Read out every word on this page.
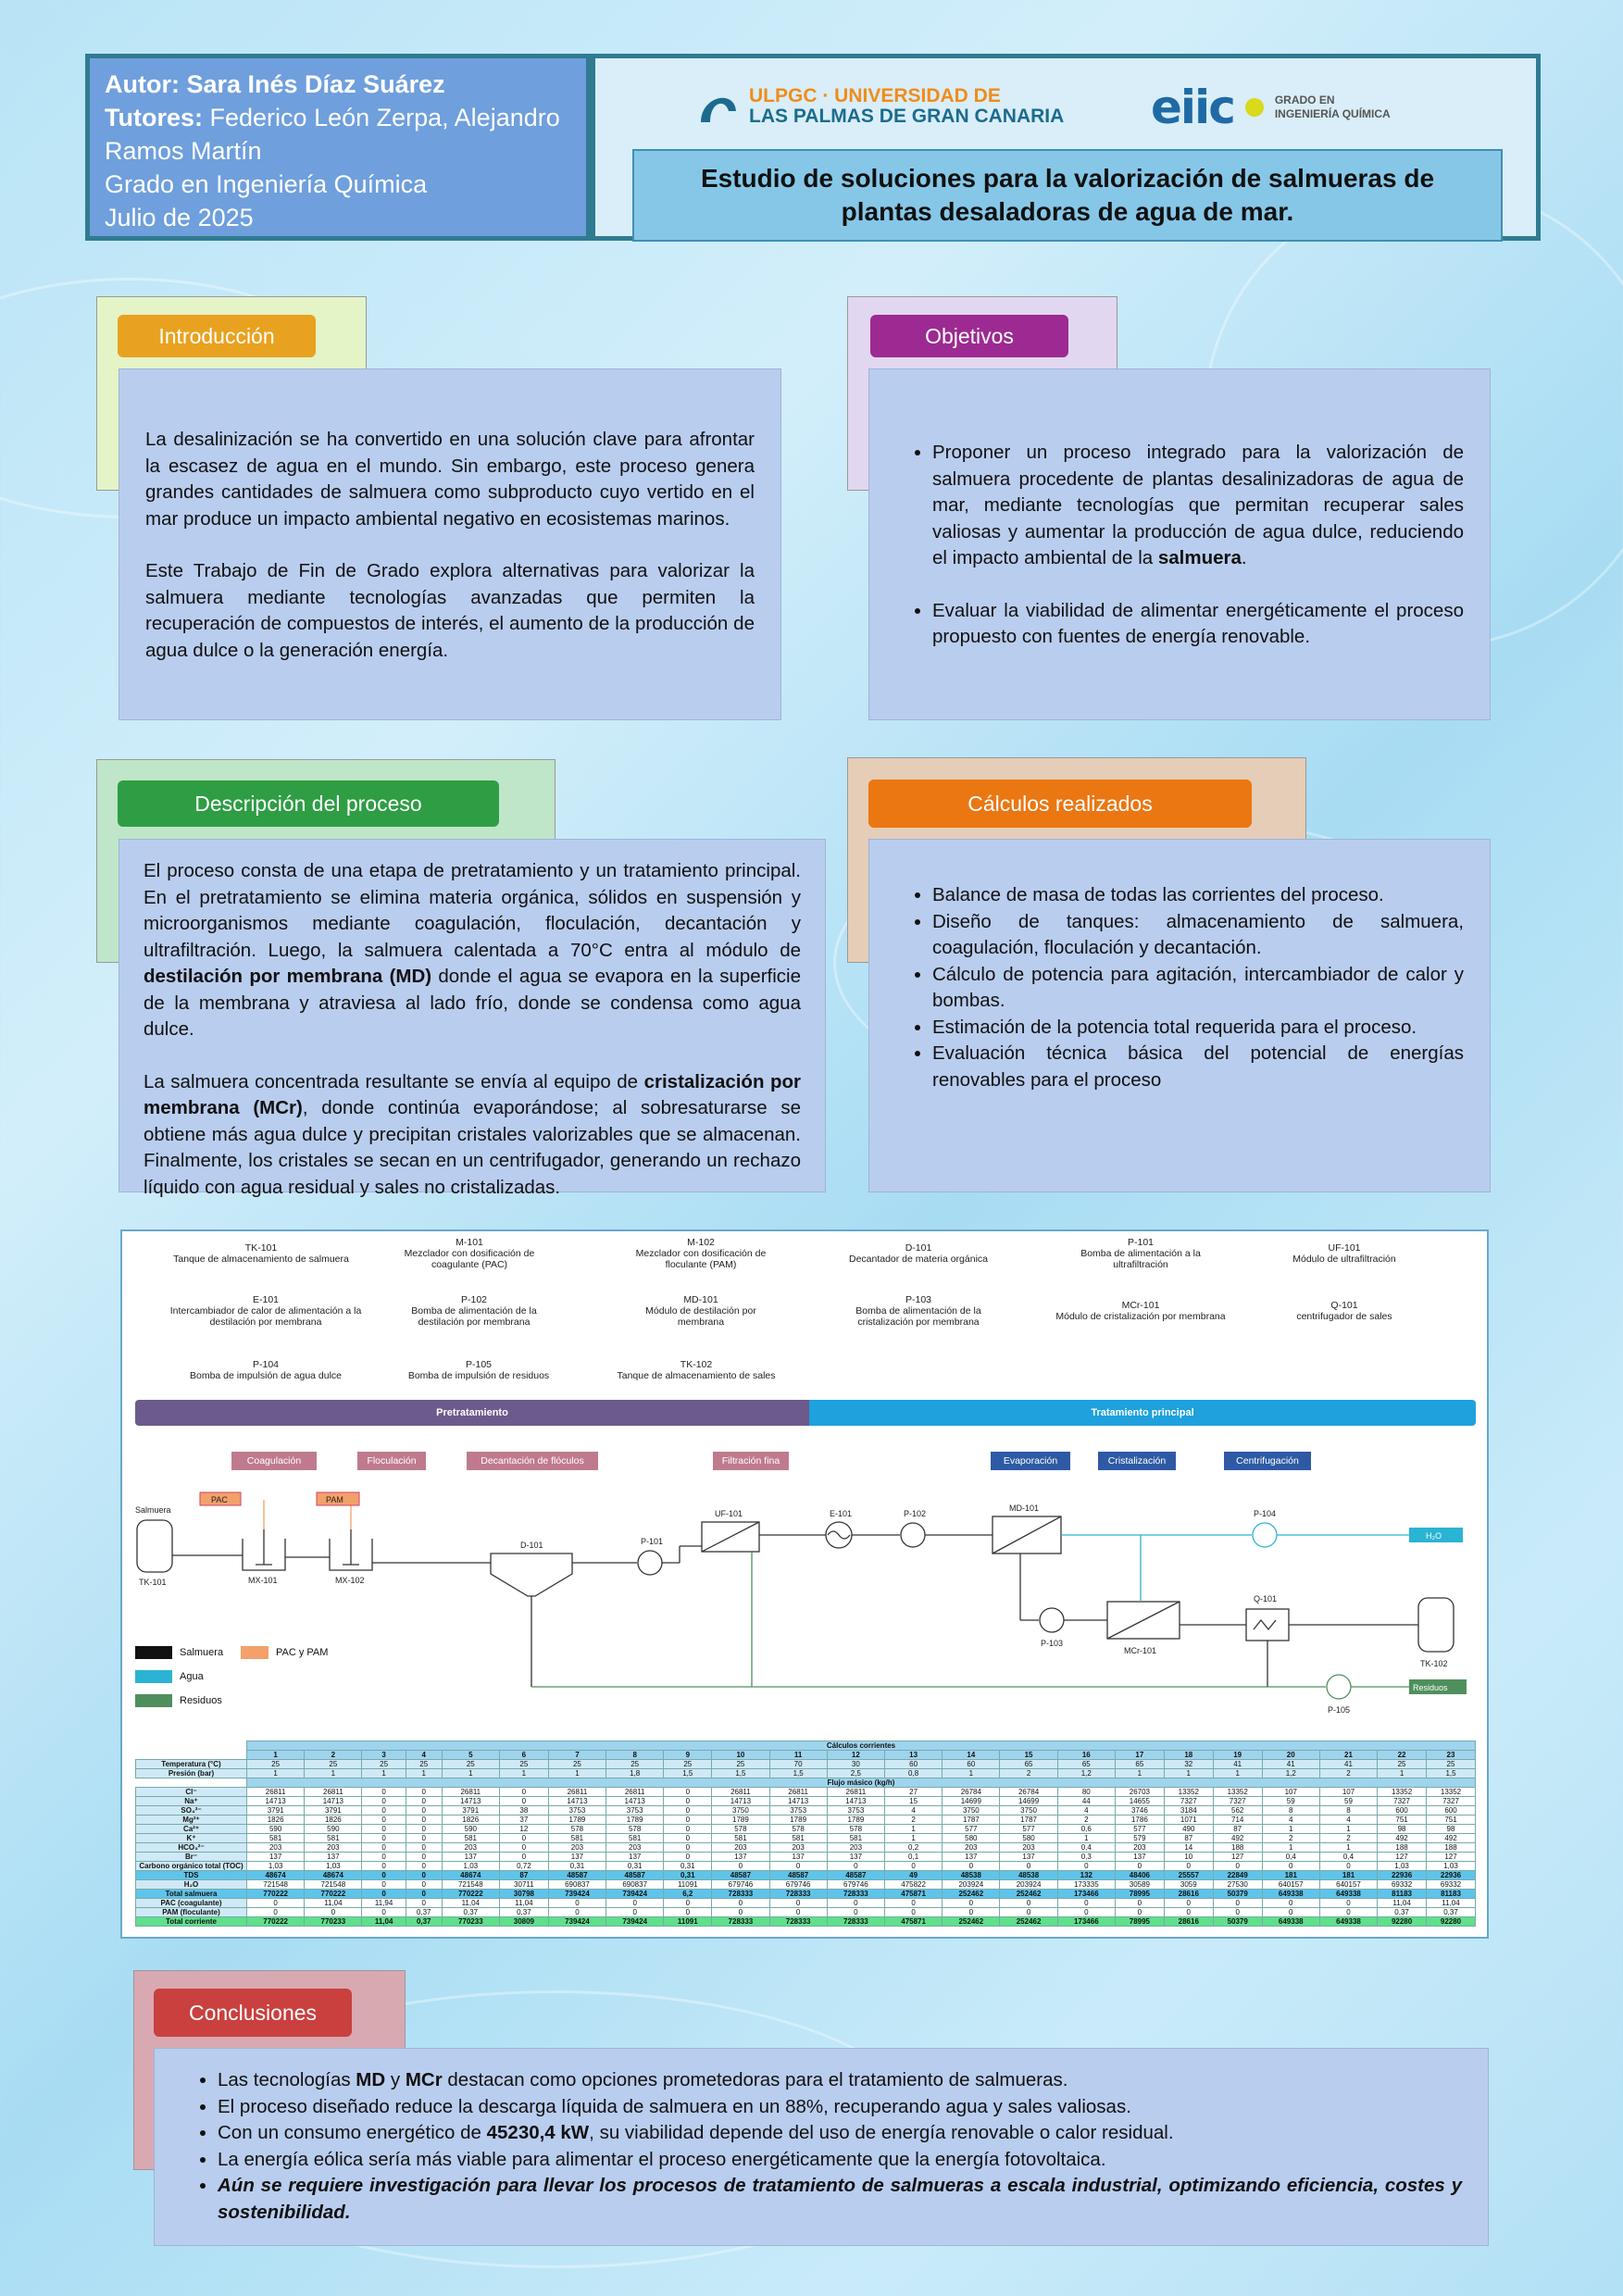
Autor: Sara Inés Díaz Suárez
Tutores: Federico León Zerpa, Alejandro Ramos Martín
Grado en Ingeniería Química
Julio de 2025
ULPGC · UNIVERSIDAD DE
LAS PALMAS DE GRAN CANARIA eiic	GRADO EN
INGENIERÍA QUÍMICA
Estudio de soluciones para la valorización de salmueras de plantas desaladoras de agua de mar.
Introducción

La desalinización se ha convertido en una solución clave para afrontar la escasez de agua en el mundo. Sin embargo, este proceso genera grandes cantidades de salmuera como subproducto cuyo vertido en el mar produce un impacto ambiental negativo en ecosistemas marinos.

Este Trabajo de Fin de Grado explora alternativas para valorizar la salmuera mediante tecnologías avanzadas que permiten la recuperación de compuestos de interés, el aumento de la producción de agua dulce o la generación energía.

Objetivos
• Proponer un proceso integrado para la valorización de salmuera procedente de plantas desalinizadoras de agua de mar, mediante tecnologías que permitan recuperar sales valiosas y aumentar la producción de agua dulce, reduciendo el impacto ambiental de la salmuera.
• Evaluar la viabilidad de alimentar energéticamente el proceso propuesto con fuentes de energía renovable.
Descripción del proceso

El proceso consta de una etapa de pretratamiento y un tratamiento principal. En el pretratamiento se elimina materia orgánica, sólidos en suspensión y microorganismos mediante coagulación, floculación, decantación y ultrafiltración. Luego, la salmuera calentada a 70°C entra al módulo de destilación por membrana (MD) donde el agua se evapora en la superficie de la membrana y atraviesa al lado frío, donde se condensa como agua dulce.

La salmuera concentrada resultante se envía al equipo de cristalización por membrana (MCr), donde continúa evaporándose; al sobresaturarse se obtiene más agua dulce y precipitan cristales valorizables que se almacenan. Finalmente, los cristales se secan en un centrifugador, generando un rechazo líquido con agua residual y sales no cristalizadas.

Cálculos realizados
• Balance de masa de todas las corrientes del proceso.
• Diseño de tanques: almacenamiento de salmuera, coagulación, floculación y decantación.
• Cálculo de potencia para agitación, intercambiador de calor y bombas.
• Estimación de la potencia total requerida para el proceso.
• Evaluación técnica básica del potencial de energías renovables para el proceso
TK-101
Tanque de almacenamiento de salmuera
M-101
Mezclador con dosificación de coagulante (PAC)
M-102
Mezclador con dosificación de floculante (PAM)
D-101
Decantador de materia orgánica
P-101
Bomba de alimentación a la ultrafiltración
UF-101
Módulo de ultrafiltración
E-101
Intercambiador de calor de alimentación a la destilación por membrana
P-102
Bomba de alimentación de la destilación por membrana
MD-101
Módulo de destilación por membrana
P-103
Bomba de alimentación de la cristalización por membrana
MCr-101
Módulo de cristalización por membrana
Q-101
centrifugador de sales
P-104
Bomba de impulsión de agua dulce
P-105
Bomba de impulsión de residuos
TK-102
Tanque de almacenamiento de sales
Pretratamiento	Tratamiento principal
Coagulación	Floculación	Decantación de flóculos	Filtración fina	Evaporación	Cristalización	Centrifugación
Salmuera
PAC	PAM
TK-101	MX-101	MX-102
D-101	P-101
UF-101	E-101	P-102
MD-101
P-104
H₂O
P-103
MCr-101
Q-101
TK-102
P-105
Residuos
Salmuera	PAC y PAM
Agua
Residuos
	Cálculos corrientes																						
	1	2	3	4	5	6	7	8	9	10	11	12	13	14	15	16	17	18	19	20	21	22	23
Temperatura (°C)	25	25	25	25	25	25	25	25	25	25	70	30	60	60	65	65	65	32	41	41	41	25	25
Presión (bar)	1	1	1	1	1	1	1	1,8	1,5	1,5	1,5	2,5	0,8	1	2	1,2	1	1	1	1,2	2	1	1,5
	Flujo másico (kg/h)																						
Cl⁻	26811	26811	0	0	26811	0	26811	26811	0	26811	26811	26811	27	26784	26784	80	26703	13352	13352	107	107	13352	13352
Na⁺	14713	14713	0	0	14713	0	14713	14713	0	14713	14713	14713	15	14699	14699	44	14655	7327	7327	59	59	7327	7327
SO₄²⁻	3791	3791	0	0	3791	38	3753	3753	0	3750	3753	3753	4	3750	3750	4	3746	3184	562	8	8	600	600
Mg²⁺	1826	1826	0	0	1826	37	1789	1789	0	1789	1789	1789	2	1787	1787	2	1786	1071	714	4	4	751	751
Ca²⁺	590	590	0	0	590	12	578	578	0	578	578	578	1	577	577	0,6	577	490	87	1	1	98	98
K⁺	581	581	0	0	581	0	581	581	0	581	581	581	1	580	580	1	579	87	492	2	2	492	492
HCO₃²⁻	203	203	0	0	203	0	203	203	0	203	203	203	0,2	203	203	0,4	203	14	188	1	1	188	188
Br⁻	137	137	0	0	137	0	137	137	0	137	137	137	0,1	137	137	0,3	137	10	127	0,4	0,4	127	127
Carbono orgánico total (TOC)	1,03	1,03	0	0	1,03	0,72	0,31	0,31	0,31	0	0	0	0	0	0	0	0	0	0	0	0	1,03	1,03
TDS	48674	48674	0	0	48674	87	48587	48587	0,31	48587	48587	48587	49	48538	48538	132	48406	25557	22849	181	181	22936	22936
H₂O	721548	721548	0	0	721548	30711	690837	690837	11091	679746	679746	679746	475822	203924	203924	173335	30589	3059	27530	640157	640157	69332	69332
Total salmuera	770222	770222	0	0	770222	30798	739424	739424	6,2	728333	728333	728333	475871	252462	252462	173466	78995	28616	50379	649338	649338	81183	81183
PAC (coagulante)	0	11,04	11,94	0	11,04	11,04	0	0	0	0	0	0	0	0	0	0	0	0	0	0	0	11,04	11,04
PAM (floculante)	0	0	0	0,37	0,37	0,37	0	0	0	0	0	0	0	0	0	0	0	0	0	0	0	0,37	0,37
Total corriente	770222	770233	11,04	0,37	770233	30809	739424	739424	11091	728333	728333	728333	475871	252462	252462	173466	78995	28616	50379	649338	649338	92280	92280
Conclusiones
• Las tecnologías MD y MCr destacan como opciones prometedoras para el tratamiento de salmueras.
• El proceso diseñado reduce la descarga líquida de salmuera en un 88%, recuperando agua y sales valiosas.
• Con un consumo energético de 45230,4 kW, su viabilidad depende del uso de energía renovable o calor residual.
• La energía eólica sería más viable para alimentar el proceso energéticamente que la energía fotovoltaica.
• Aún se requiere investigación para llevar los procesos de tratamiento de salmueras a escala industrial, optimizando eficiencia, costes y sostenibilidad.
